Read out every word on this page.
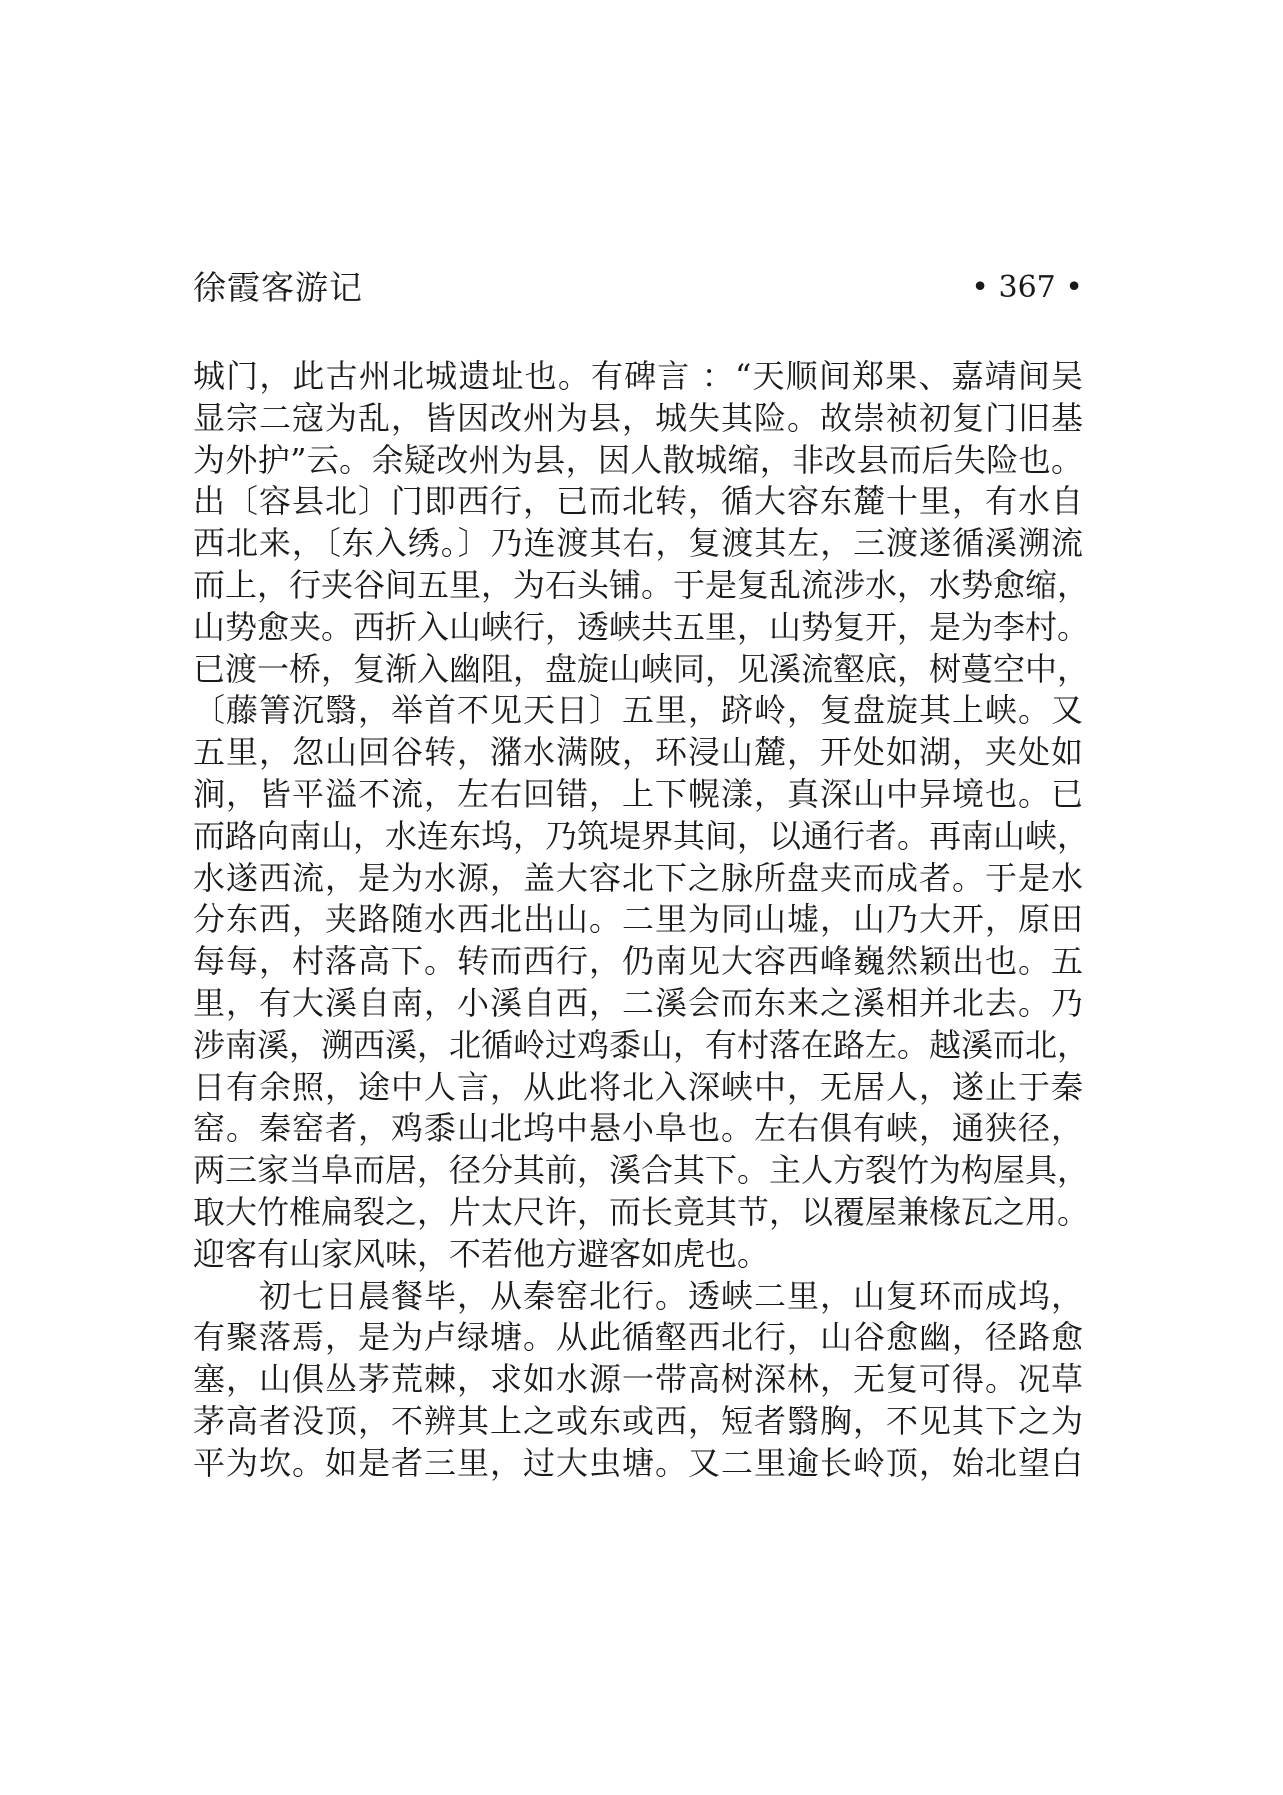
徐霞客游记	• 367 •
城门，此古州北城遗址也。有碑言 ：“天顺间郑果、嘉靖间吴
显宗二寇为乱，皆因改州为县，城失其险。故崇祯初复门旧基
为外护”云。余疑改州为县，因人散城缩，非改县而后失险也。
出〔容县北〕门即西行，已而北转，循大容东麓十里，有水自
西北来，〔东入绣。〕乃连渡其右，复渡其左，三渡遂循溪溯流
而上，行夹谷间五里，为石头铺。于是复乱流涉水，水势愈缩，
山势愈夹。西折入山峡行，透峡共五里，山势复开，是为李村。
已渡一桥，复渐入幽阻，盘旋山峡同，见溪流壑底，树蔓空中，
〔藤箐沉翳，举首不见天日〕五里，跻岭，复盘旋其上峡。又
五里，忽山回谷转，潴水满陂，环浸山麓，开处如湖，夹处如
涧，皆平溢不流，左右回错，上下幌漾，真深山中异境也。已
而路向南山，水连东坞，乃筑堤界其间，以通行者。再南山峡，
水遂西流，是为水源，盖大容北下之脉所盘夹而成者。于是水
分东西，夹路随水西北出山。二里为同山墟，山乃大开，原田
每每，村落高下。转而西行，仍南见大容西峰巍然颖出也。五
里，有大溪自南，小溪自西，二溪会而东来之溪相并北去。乃
涉南溪，溯西溪，北循岭过鸡黍山，有村落在路左。越溪而北，
日有余照，途中人言，从此将北入深峡中，无居人，遂止于秦
窑。秦窑者，鸡黍山北坞中悬小阜也。左右俱有峡，通狭径，
两三家当阜而居，径分其前，溪合其下。主人方裂竹为构屋具，
取大竹椎扁裂之，片太尺许，而长竟其节，以覆屋兼椽瓦之用。
迎客有山家风味，不若他方避客如虎也。
　　初七日晨餐毕，从秦窑北行。透峡二里，山复环而成坞，
有聚落焉，是为卢绿塘。从此循壑西北行，山谷愈幽，径路愈
塞，山俱丛茅荒棘，求如水源一带高树深林，无复可得。况草
茅高者没顶，不辨其上之或东或西，短者翳胸，不见其下之为
平为坎。如是者三里，过大虫塘。又二里逾长岭顶，始北望白
